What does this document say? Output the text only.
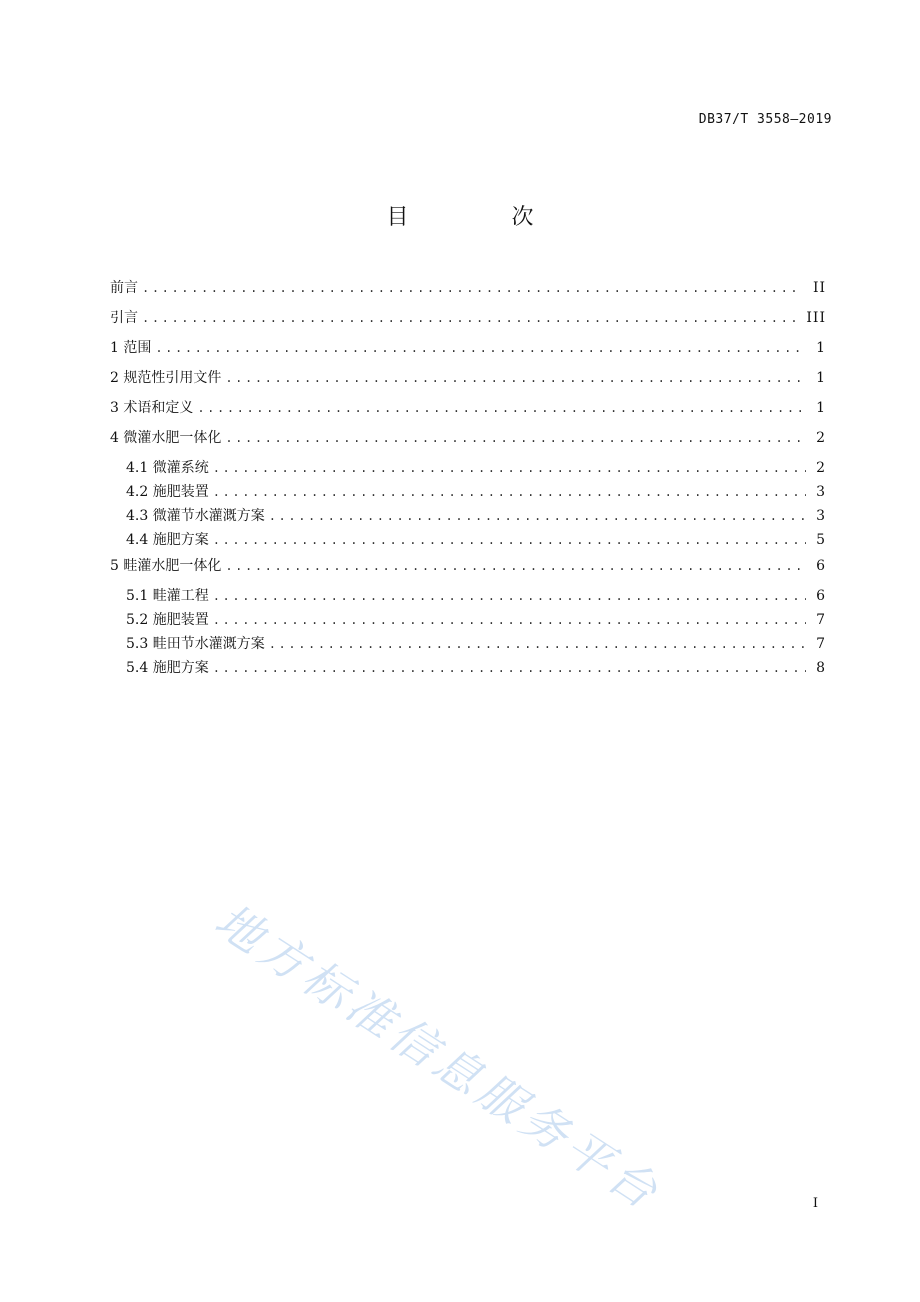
DB37/T 3558—2019
目 次
前言 .....	II
引言 .....	III
1 范围 .....	1
2 规范性引用文件 .....	1
3 术语和定义 .....	1
4 微灌水肥一体化 .....	2
4.1 微灌系统 .....	2
4.2 施肥装置 .....	3
4.3 微灌节水灌溉方案 .....	3
4.4 施肥方案 .....	5
5 畦灌水肥一体化 .....	6
5.1 畦灌工程 .....	6
5.2 施肥装置 .....	7
5.3 畦田节水灌溉方案 .....	7
5.4 施肥方案 .....	8
地方标准信息服务平台	I
